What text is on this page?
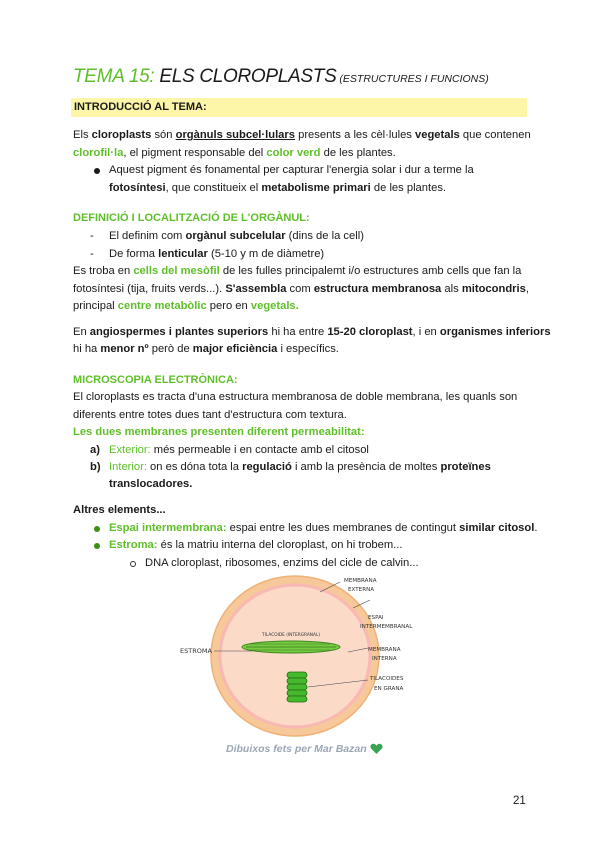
TEMA 15: ELS CLOROPLASTS (ESTRUCTURES I FUNCIONS)
INTRODUCCIÓ AL TEMA:
Els cloroplasts són orgànuls subcel·lulars presents a les cèl·lules vegetals que contenen
clorofil·la, el pigment responsable del color verd de les plantes.
Aquest pigment és fonamental per capturar l'energia solar i dur a terme la
fotosíntesi, que constitueix el metabolisme primari de les plantes.
DEFINICIÓ I LOCALITZACIÓ DE L'ORGÀNUL:
-	El definim com orgànul subcelular (dins de la cell)
-	De forma lenticular (5-10 y m de diàmetre)
Es troba en cells del mesòfil de les fulles principalemt i/o estructures amb cells que fan la
fotosíntesi (tija, fruits verds...). S'assembla com estructura membranosa als mitocondris,
principal centre metabòlic pero en vegetals.
En angiospermes i plantes superiors hi ha entre 15-20 cloroplast, i en organismes inferiors
hi ha menor nº però de major eficiència i específics.
MICROSCOPIA ELECTRÒNICA:
El cloroplasts es tracta d'una estructura membranosa de doble membrana, les quanls son
diferents entre totes dues tant d'estructura com textura.
Les dues membranes presenten diferent permeabilitat:
a) Exterior: més permeable i en contacte amb el citosol
b) Interior: on es dóna tota la regulació i amb la presència de moltes proteïnes
translocadores.
Altres elements...
Espai intermembrana: espai entre les dues membranes de contingut similar citosol.
Estroma: és la matriu interna del cloroplast, on hi trobem...
DNA cloroplast, ribosomes, enzims del cicle de calvin...
TILACOIDE (INTERGRANAL)
ESTROMA
MEMBRANA
EXTERNA
ESPAI
INTERMEMBRANAL
MEMBRANA
INTERNA
TILACOIDES
EN GRANA
Dibuixos fets per Mar Bazan
21
